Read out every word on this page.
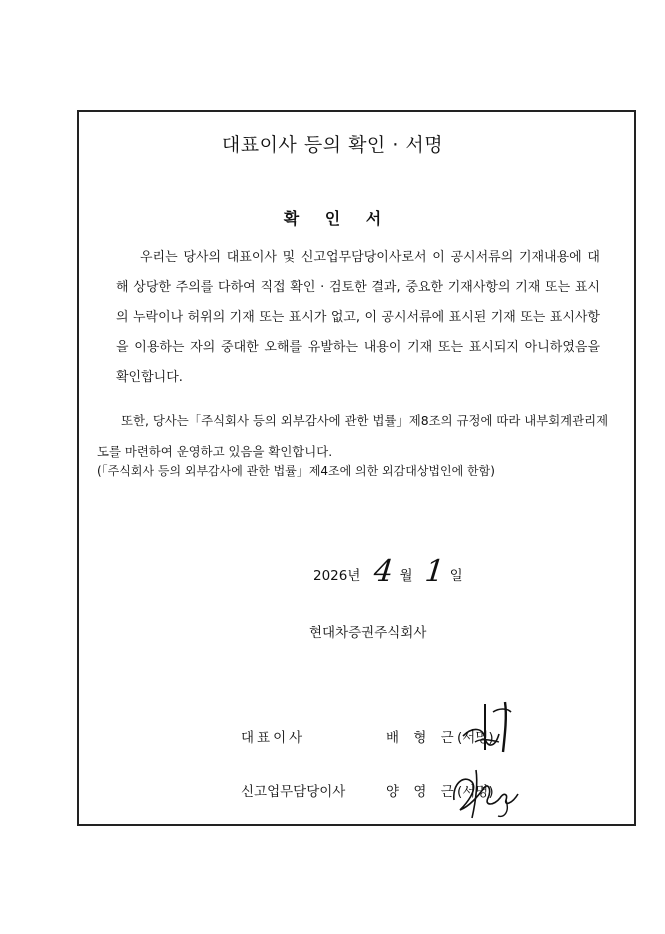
대표이사 등의 확인 · 서명
확 인 서
우리는 당사의 대표이사 및 신고업무담당이사로서 이 공시서류의 기재내용에 대해 상당한 주의를 다하여 직접 확인 · 검토한 결과, 중요한 기재사항의 기재 또는 표시의 누락이나 허위의 기재 또는 표시가 없고, 이 공시서류에 표시된 기재 또는 표시사항을 이용하는 자의 중대한 오해를 유발하는 내용이 기재 또는 표시되지 아니하였음을 확인합니다.
또한, 당사는「주식회사 등의 외부감사에 관한 법률」제8조의 규정에 따라 내부회계관리제도를 마련하여 운영하고 있음을 확인합니다.
(「주식회사 등의 외부감사에 관한 법률」제4조에 의한 외감대상법인에 한함)
2026년 4 월 1 일
현대차증권주식회사
대표이사	배 형 근
(서명)
신고업무담당이사	양 영 근
(서명)
